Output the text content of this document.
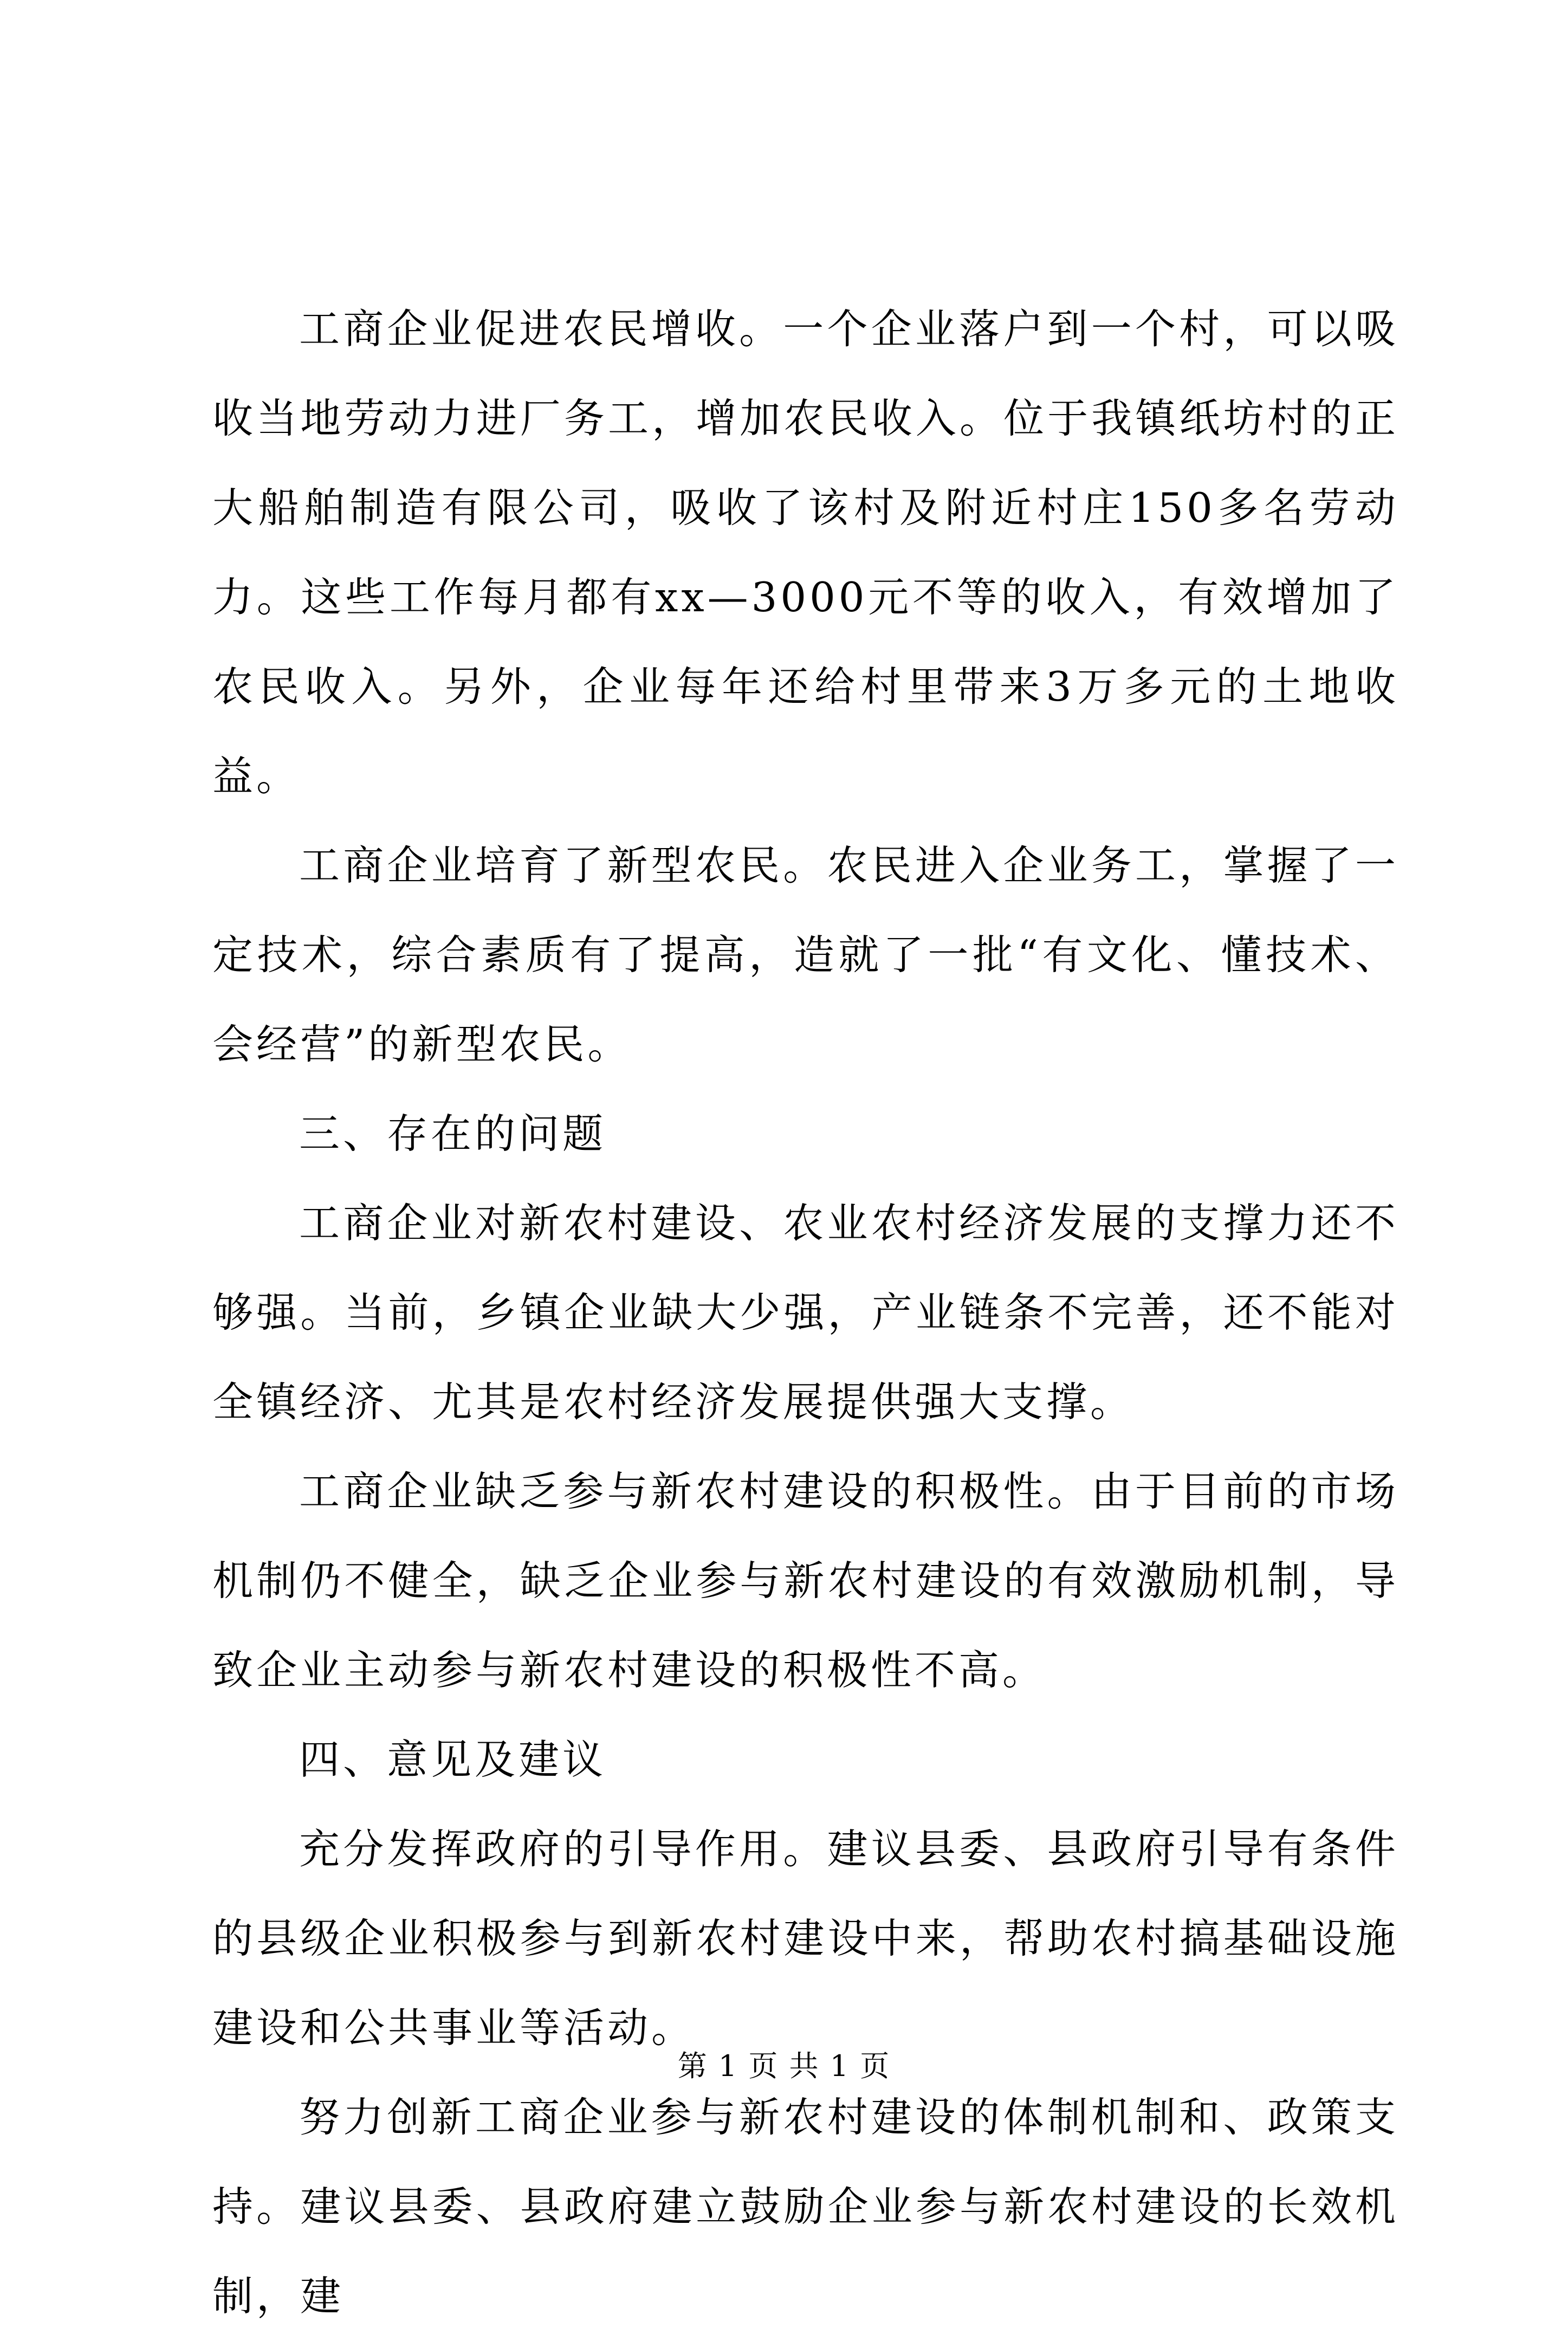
工商企业促进农民增收。一个企业落户到一个村，可以吸收当地劳动力进厂务工，增加农民收入。位于我镇纸坊村的正大船舶制造有限公司，吸收了该村及附近村庄150多名劳动力。这些工作每月都有xx—3000元不等的收入，有效增加了农民收入。另外，企业每年还给村里带来3万多元的土地收益。

工商企业培育了新型农民。农民进入企业务工，掌握了一定技术，综合素质有了提高，造就了一批“有文化、懂技术、会经营”的新型农民。

三、存在的问题

工商企业对新农村建设、农业农村经济发展的支撑力还不够强。当前，乡镇企业缺大少强，产业链条不完善，还不能对全镇经济、尤其是农村经济发展提供强大支撑。

工商企业缺乏参与新农村建设的积极性。由于目前的市场机制仍不健全，缺乏企业参与新农村建设的有效激励机制，导致企业主动参与新农村建设的积极性不高。

四、意见及建议

充分发挥政府的引导作用。建议县委、县政府引导有条件的县级企业积极参与到新农村建设中来，帮助农村搞基础设施建设和公共事业等活动。

努力创新工商企业参与新农村建设的体制机制和、政策支持。建议县委、县政府建立鼓励企业参与新农村建设的长效机制，建

第 1 页 共 1 页
